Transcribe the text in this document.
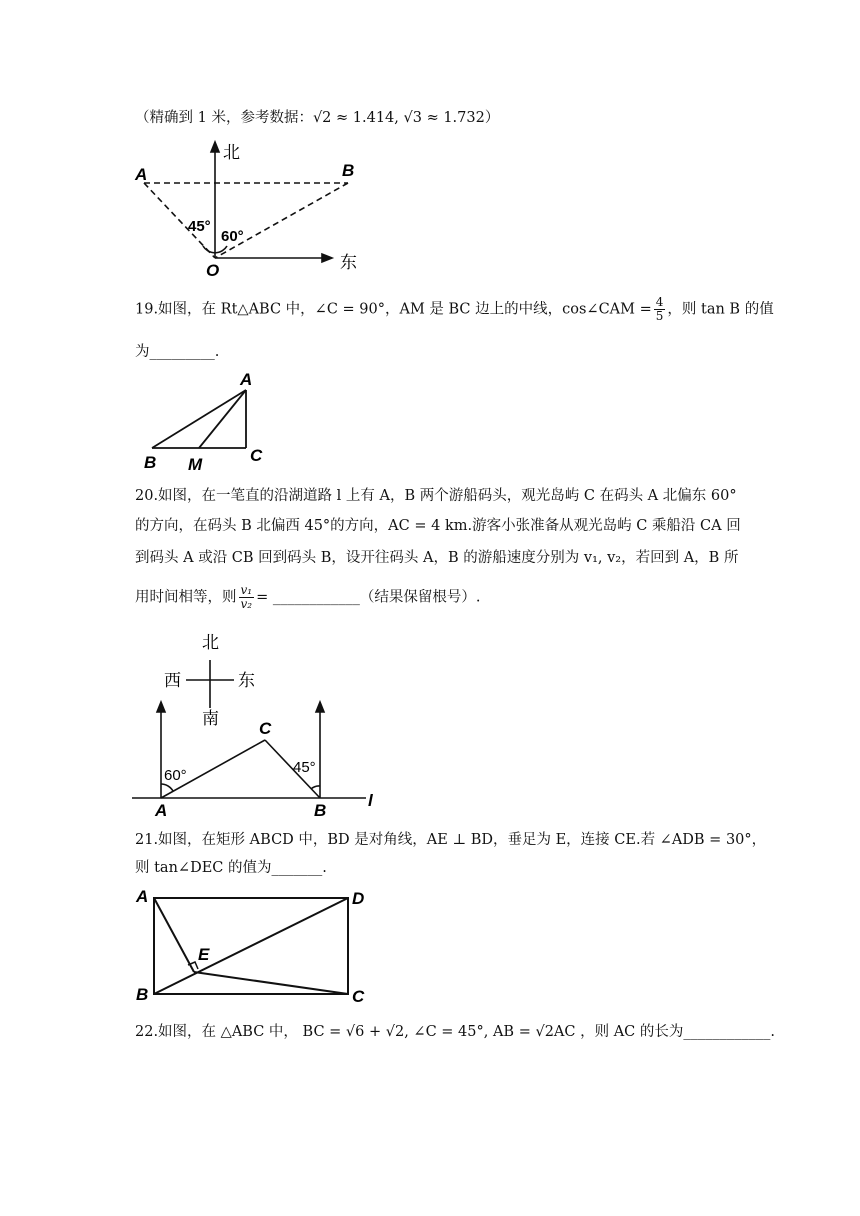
（精确到 1 米，参考数据：√2 ≈ 1.414, √3 ≈ 1.732）
北
东
A	B
O
45°
60°
19.如图，在 Rt△ABC 中，∠C = 90°，AM 是 BC 边上的中线，cos∠CAM = $\frac{4}{5}$ ，则 tan B 的值
为_________.
A
B M	C
20.如图，在一笔直的沿湖道路 l 上有 A，B 两个游船码头，观光岛屿 C 在码头 A 北偏东 60°
的方向，在码头 B 北偏西 45°的方向，AC = 4 km.游客小张准备从观光岛屿 C 乘船沿 CA 回
到码头 A 或沿 CB 回到码头 B，设开往码头 A，B 的游船速度分别为 v₁, v₂，若回到 A，B 所
用时间相等，则 $\frac{\text{v₁}}{\text{v₂}}$ = ____________（结果保留根号）.
北
西	东
南 C
60°	45°
A	B
l
21.如图，在矩形 ABCD 中，BD 是对角线，AE ⊥ BD，垂足为 E，连接 CE.若 ∠ADB = 30°，
则 tan∠DEC 的值为_______.
A
B	C
D
E
22.如图，在 △ABC 中， BC = √6 + √2, ∠C = 45°, AB = √2AC ，则 AC 的长为____________.
